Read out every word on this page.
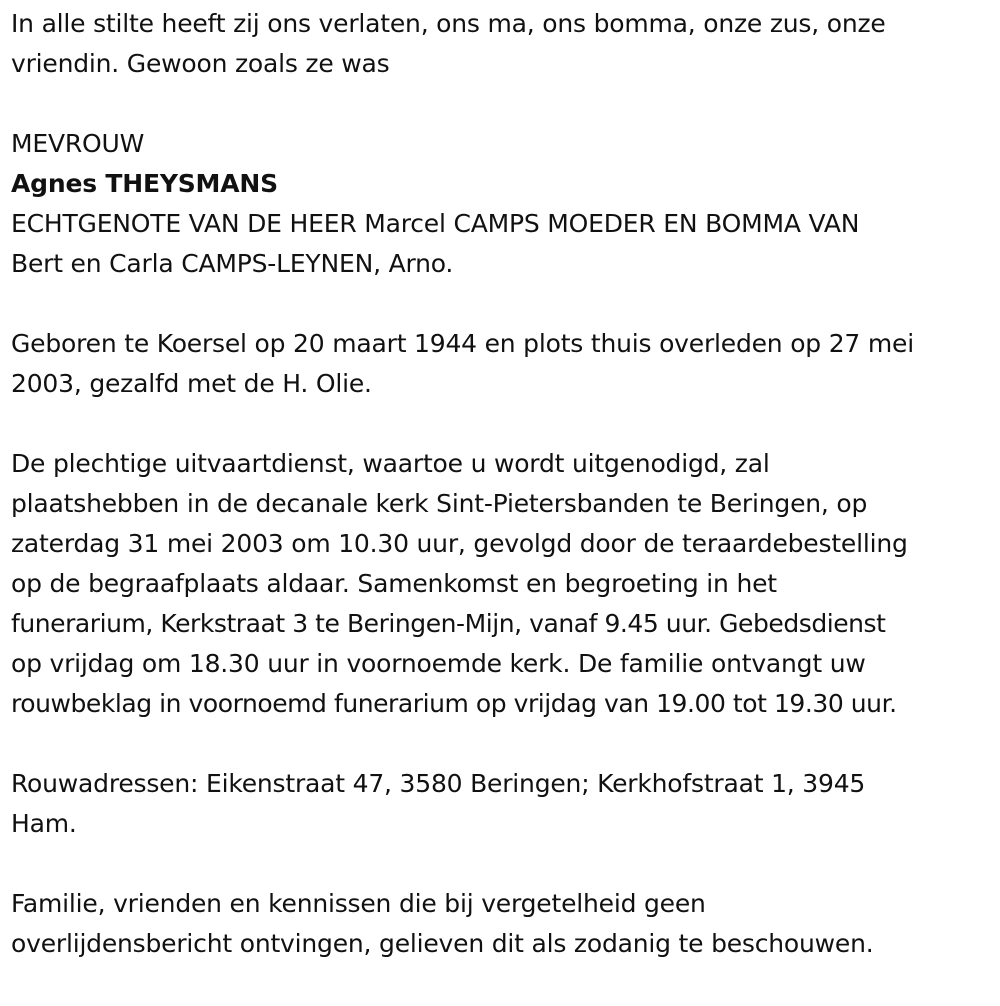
In alle stilte heeft zij ons verlaten, ons ma, ons bomma, onze zus, onze

vriendin. Gewoon zoals ze was

MEVROUW

Agnes THEYSMANS

ECHTGENOTE VAN DE HEER Marcel CAMPS MOEDER EN BOMMA VAN

Bert en Carla CAMPS-LEYNEN, Arno.

Geboren te Koersel op 20 maart 1944 en plots thuis overleden op 27 mei

2003, gezalfd met de H. Olie.

De plechtige uitvaartdienst, waartoe u wordt uitgenodigd, zal

plaatshebben in de decanale kerk Sint-Pietersbanden te Beringen, op

zaterdag 31 mei 2003 om 10.30 uur, gevolgd door de teraardebestelling

op de begraafplaats aldaar. Samenkomst en begroeting in het

funerarium, Kerkstraat 3 te Beringen-Mijn, vanaf 9.45 uur. Gebedsdienst

op vrijdag om 18.30 uur in voornoemde kerk. De familie ontvangt uw

rouwbeklag in voornoemd funerarium op vrijdag van 19.00 tot 19.30 uur.

Rouwadressen: Eikenstraat 47, 3580 Beringen; Kerkhofstraat 1, 3945

Ham.

Familie, vrienden en kennissen die bij vergetelheid geen

overlijdensbericht ontvingen, gelieven dit als zodanig te beschouwen.
